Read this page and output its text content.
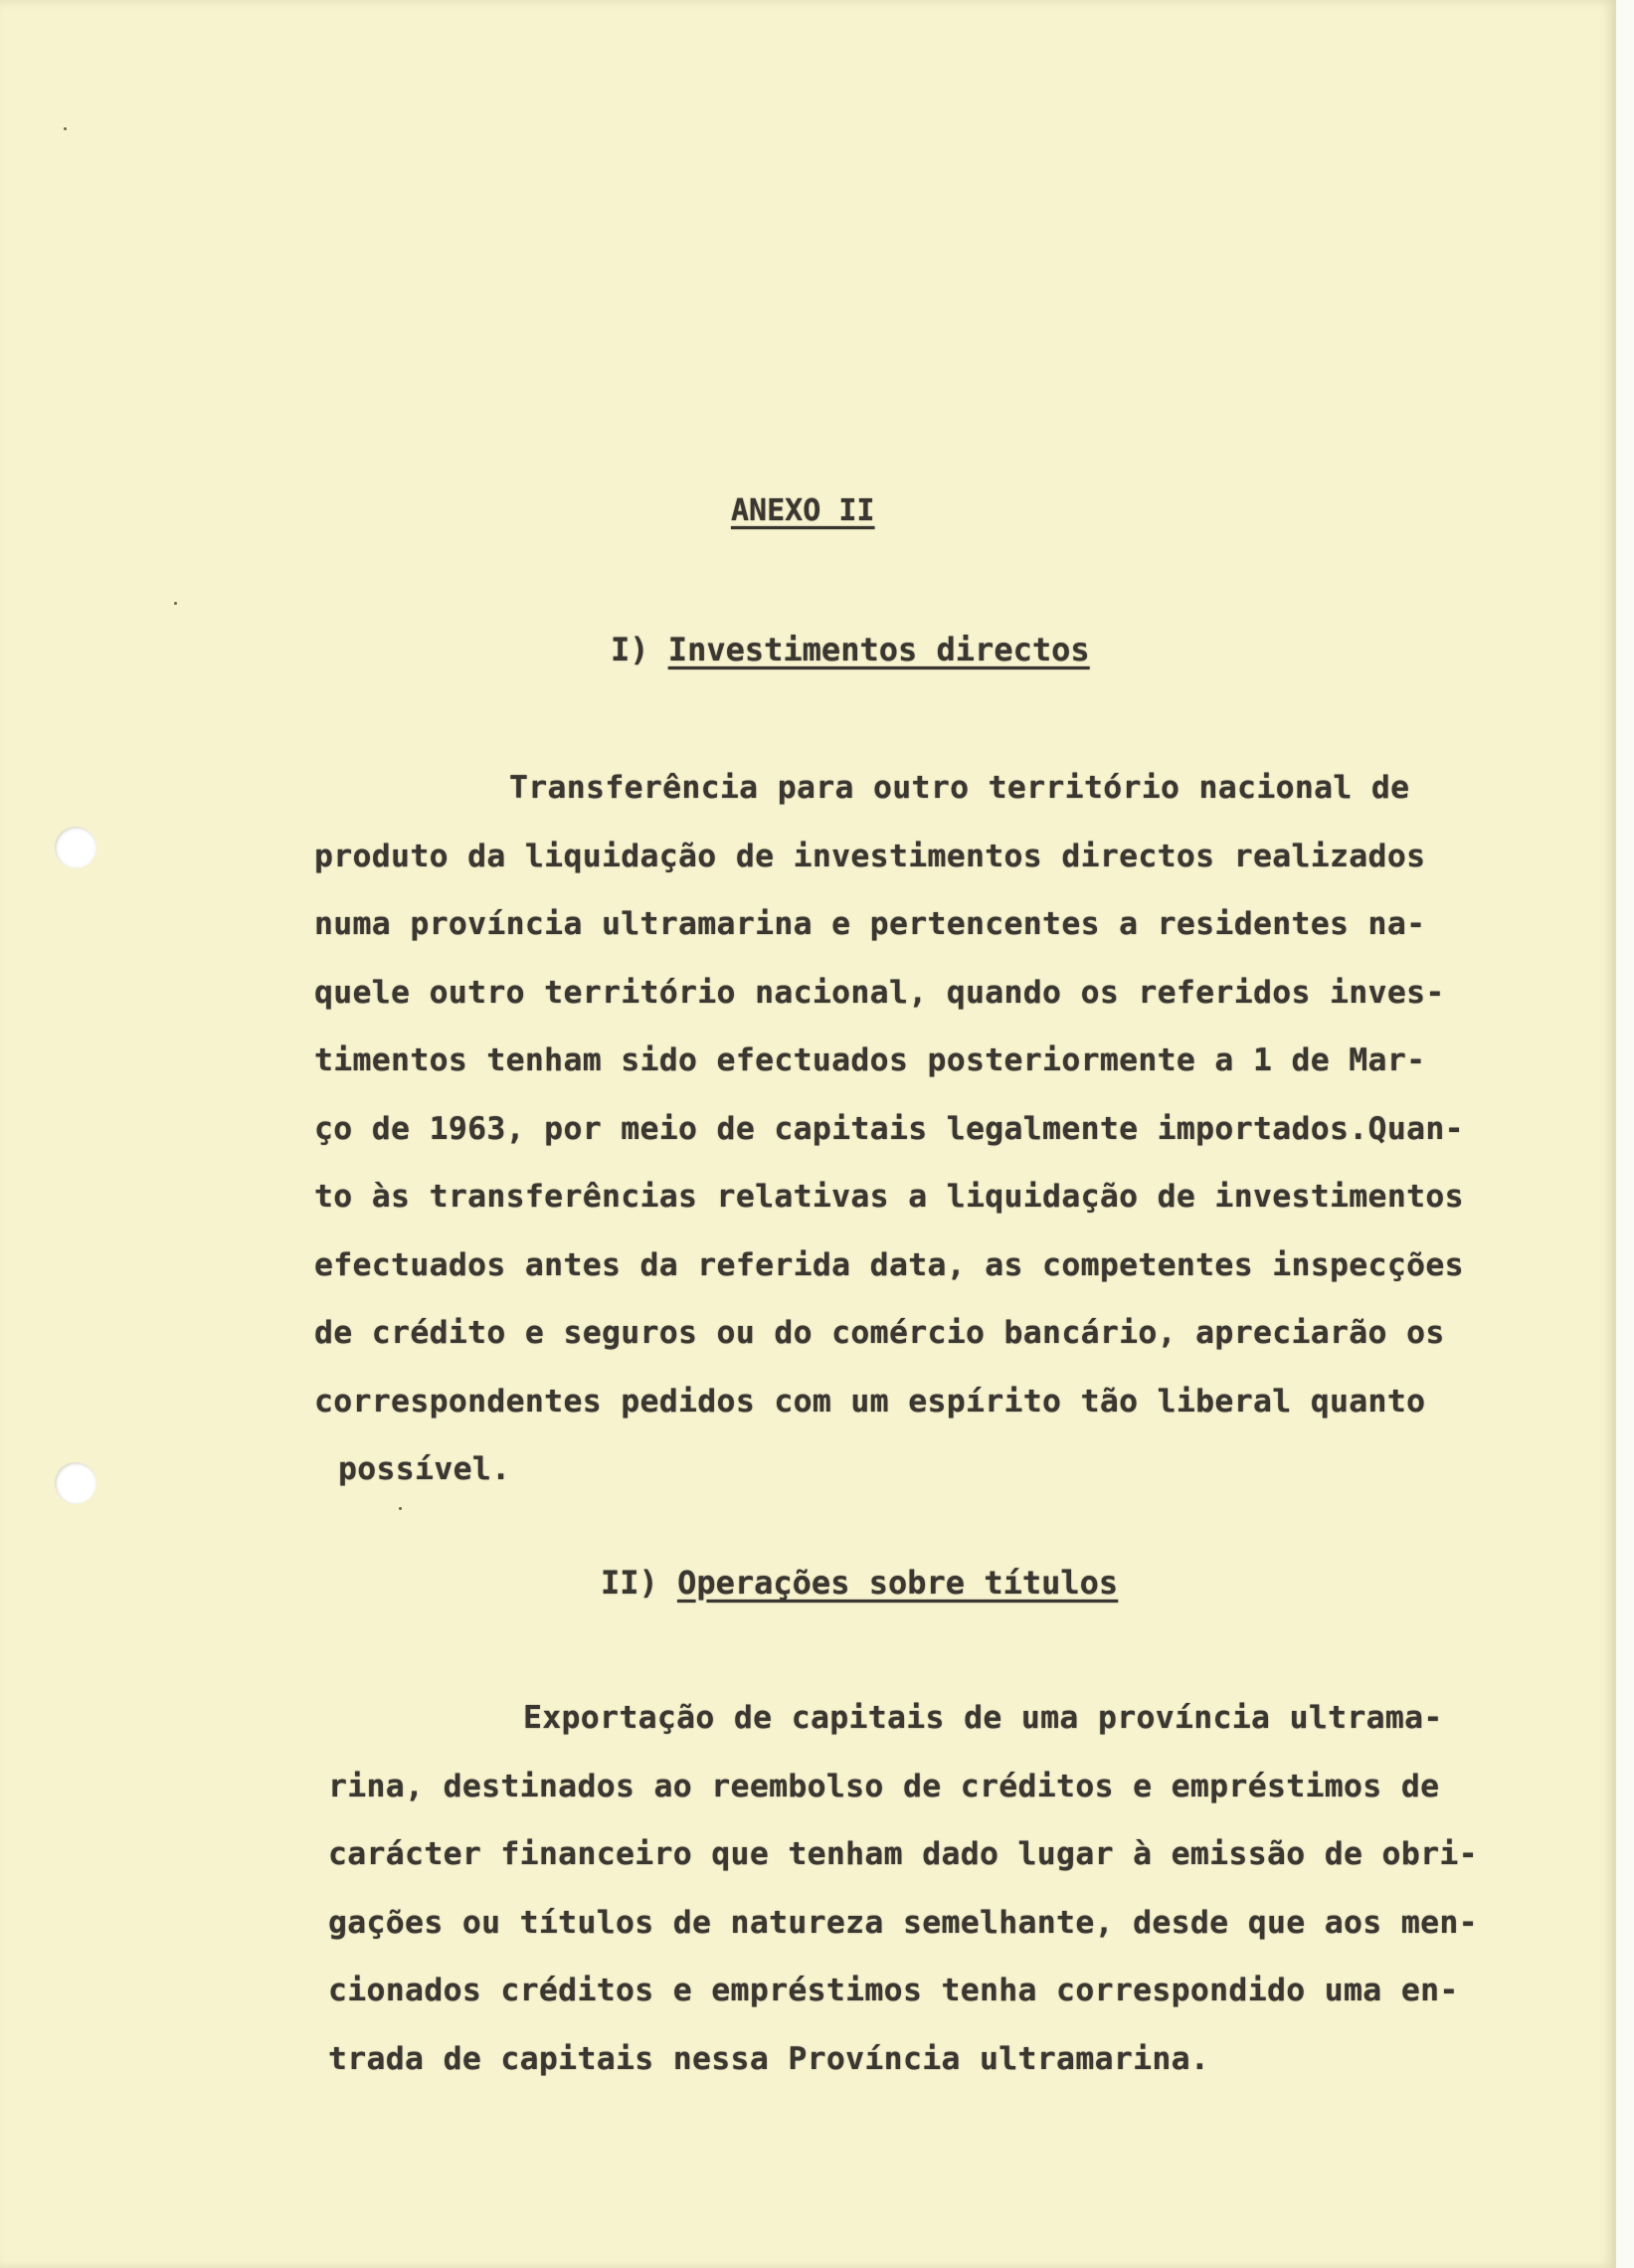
ANEXO II

I) Investimentos directos

Transferência para outro território nacional de
produto da liquidação de investimentos directos realizados
numa província ultramarina e pertencentes a residentes na-
quele outro território nacional, quando os referidos inves-
timentos tenham sido efectuados posteriormente a 1 de Mar-
ço de 1963, por meio de capitais legalmente importados.Quan-
to às transferências relativas a liquidação de investimentos
efectuados antes da referida data, as competentes inspecções
de crédito e seguros ou do comércio bancário, apreciarão os
correspondentes pedidos com um espírito tão liberal quanto
possível.

II) Operações sobre títulos

Exportação de capitais de uma província ultrama-
rina, destinados ao reembolso de créditos e empréstimos de
carácter financeiro que tenham dado lugar à emissão de obri-
gações ou títulos de natureza semelhante, desde que aos men-
cionados créditos e empréstimos tenha correspondido uma en-
trada de capitais nessa Província ultramarina.
